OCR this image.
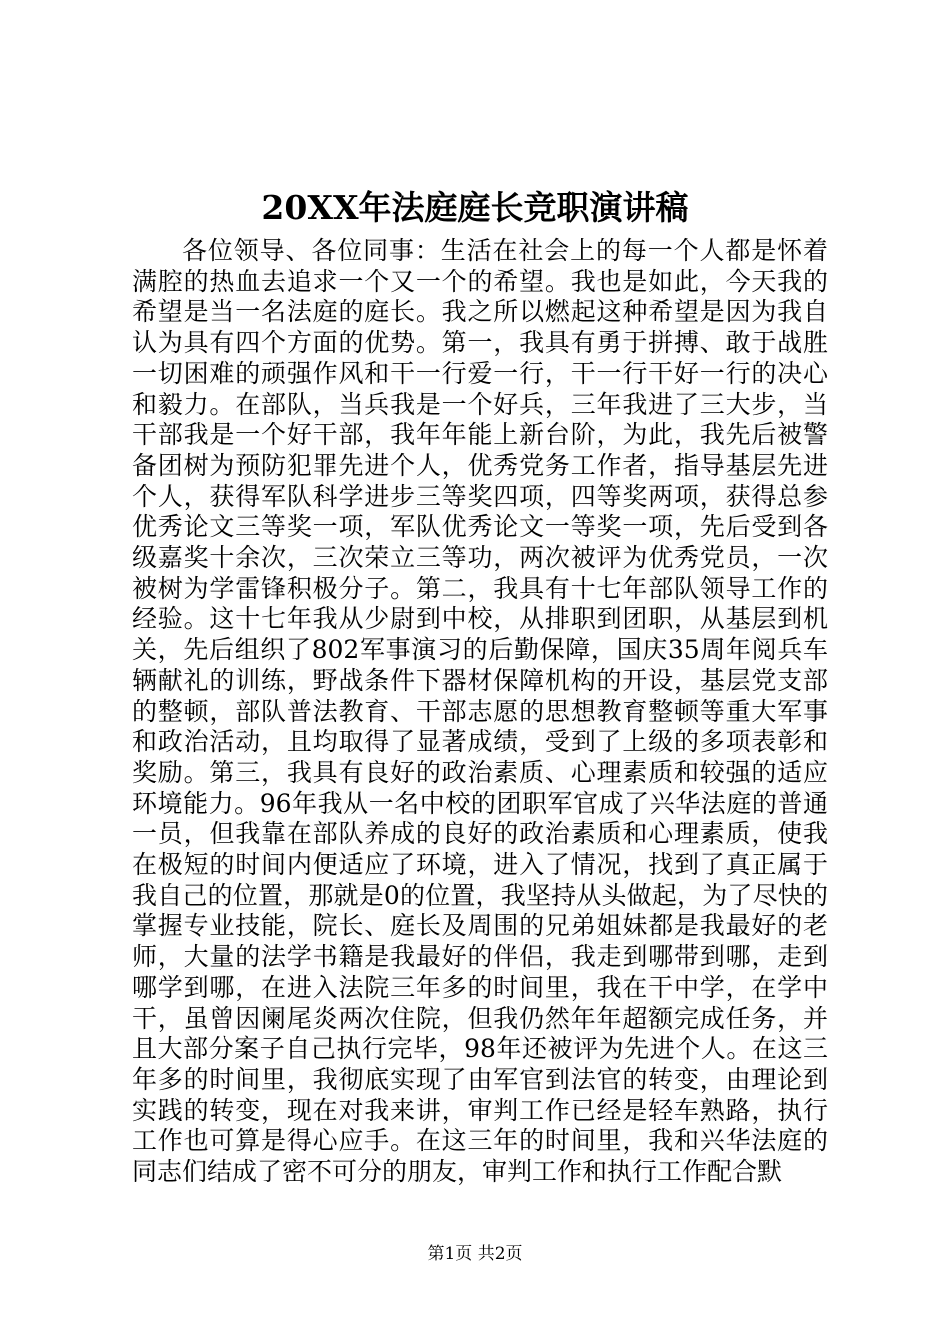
20XX年法庭庭长竞职演讲稿

各位领导、各位同事：生活在社会上的每一个人都是怀着满腔的热血去追求一个又一个的希望。我也是如此，今天我的希望是当一名法庭的庭长。我之所以燃起这种希望是因为我自认为具有四个方面的优势。第一，我具有勇于拼搏、敢于战胜一切困难的顽强作风和干一行爱一行，干一行干好一行的决心和毅力。在部队，当兵我是一个好兵，三年我进了三大步，当干部我是一个好干部，我年年能上新台阶，为此，我先后被警备团树为预防犯罪先进个人，优秀党务工作者，指导基层先进个人，获得军队科学进步三等奖四项，四等奖两项，获得总参优秀论文三等奖一项，军队优秀论文一等奖一项，先后受到各级嘉奖十余次，三次荣立三等功，两次被评为优秀党员，一次被树为学雷锋积极分子。第二，我具有十七年部队领导工作的经验。这十七年我从少尉到中校，从排职到团职，从基层到机关，先后组织了802军事演习的后勤保障，国庆35周年阅兵车辆献礼的训练，野战条件下器材保障机构的开设，基层党支部的整顿，部队普法教育、干部志愿的思想教育整顿等重大军事和政治活动，且均取得了显著成绩，受到了上级的多项表彰和奖励。第三，我具有良好的政治素质、心理素质和较强的适应环境能力。96年我从一名中校的团职军官成了兴华法庭的普通一员，但我靠在部队养成的良好的政治素质和心理素质，使我在极短的时间内便适应了环境，进入了情况，找到了真正属于我自己的位置，那就是0的位置，我坚持从头做起，为了尽快的掌握专业技能，院长、庭长及周围的兄弟姐妹都是我最好的老师，大量的法学书籍是我最好的伴侣，我走到哪带到哪，走到哪学到哪，在进入法院三年多的时间里，我在干中学，在学中干，虽曾因阑尾炎两次住院，但我仍然年年超额完成任务，并且大部分案子自己执行完毕，98年还被评为先进个人。在这三年多的时间里，我彻底实现了由军官到法官的转变，由理论到实践的转变，现在对我来讲，审判工作已经是轻车熟路，执行工作也可算是得心应手。在这三年的时间里，我和兴华法庭的同志们结成了密不可分的朋友，审判工作和执行工作配合默

第1页 共2页
